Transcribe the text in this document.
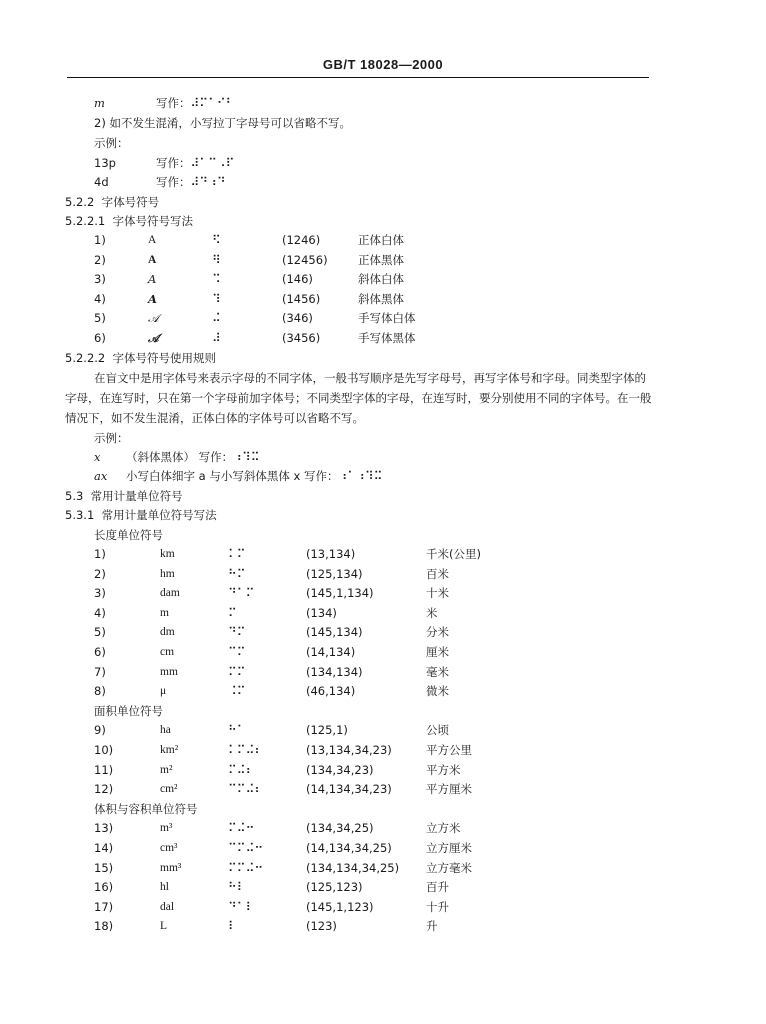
GB/T 18028—2000
m	写作：⠼⠍⠁⠊⠃
2) 如不发生混淆，小写拉丁字母号可以省略不写。
示例：
13p	写作：⠼⠁⠉⠠⠏
4d	写作：⠼⠙⠰⠙
5.2.2 字体号符号
5.2.2.1 字体号符号写法
1)	A	⠫	(1246)	正体白体
2)	A	⠻	(12456)	正体黑体
3)	A	⠩	(146)	斜体白体
4)	A	⠹	(1456)	斜体黑体
5)	𝒜	⠬	(346)	手写体白体
6)	𝒜	⠼	(3456)	手写体黑体
5.2.2.2 字体号符号使用规则
在盲文中是用字体号来表示字母的不同字体，一般书写顺序是先写字母号，再写字体号和字母。同类型字体的字母，在连写时，只在第一个字母前加字体号；不同类型字体的字母，在连写时，要分别使用不同的字体号。在一般情况下，如不发生混淆，正体白体的字体号可以省略不写。
示例：
x （斜体黑体） 写作：⠰⠹⠭
ax 小写白体细字 a 与小写斜体黑体 x 写作：⠰⠁⠰⠹⠭
5.3 常用计量单位符号
5.3.1 常用计量单位符号写法
长度单位符号
1)	km	⠅⠍	(13,134)	千米(公里)
2)	hm	⠓⠍	(125,134)	百米
3)	dam	⠙⠁⠍	(145,1,134)	十米
4)	m	⠍	(134)	米
5)	dm	⠙⠍	(145,134)	分米
6)	cm	⠉⠍	(14,134)	厘米
7)	mm	⠍⠍	(134,134)	毫米
8)	μ	⠨⠍	(46,134)	微米
面积单位符号
9)	ha	⠓⠁	(125,1)	公顷
10)	km²	⠅⠍⠬⠆	(13,134,34,23)	平方公里
11)	m²	⠍⠬⠆	(134,34,23)	平方米
12)	cm²	⠉⠍⠬⠆	(14,134,34,23)	平方厘米
体积与容积单位符号
13)	m³	⠍⠬⠒	(134,34,25)	立方米
14)	cm³	⠉⠍⠬⠒	(14,134,34,25)	立方厘米
15)	mm³	⠍⠍⠬⠒	(134,134,34,25) 立方毫米
16)	hl	⠓⠇	(125,123)	百升
17)	dal	⠙⠁⠇	(145,1,123)	十升
18)	L	⠇	(123)	升
